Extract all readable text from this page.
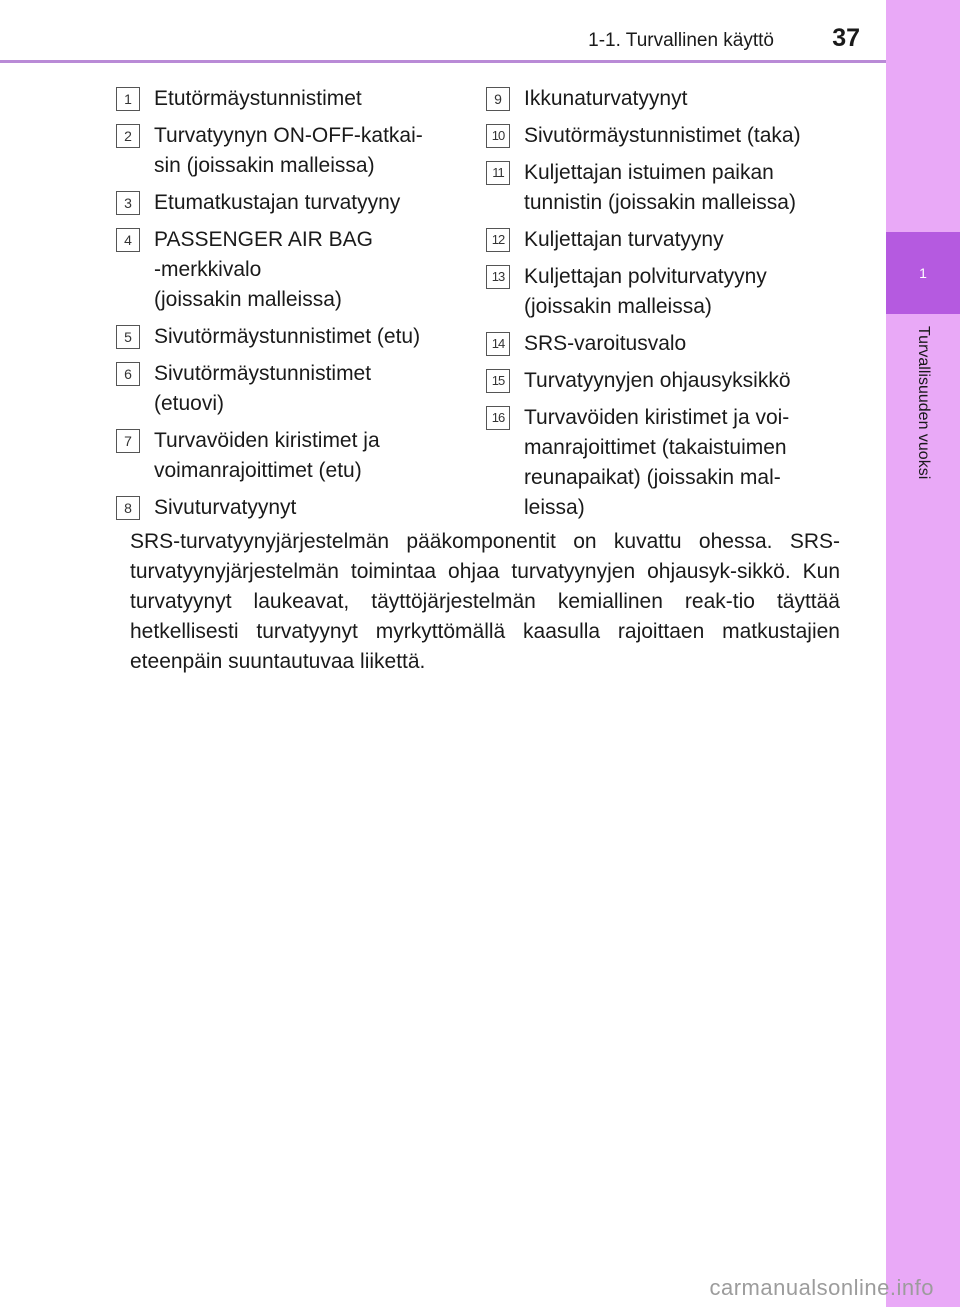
1-1. Turvallinen käyttö 37
1
Turvallisuuden vuoksi
1	Etutörmäystunnistimet
2	Turvatyynyn ON-OFF-katkai-
sin (joissakin malleissa)
3	Etumatkustajan turvatyyny
4	PASSENGER AIR BAG
-merkkivalo
(joissakin malleissa)
5	Sivutörmäystunnistimet (etu)
6	Sivutörmäystunnistimet
(etuovi)
7	Turvavöiden kiristimet ja
voimanrajoittimet (etu)
8	Sivuturvatyynyt
9	Ikkunaturvatyynyt
10 Sivutörmäystunnistimet (taka)
11 Kuljettajan istuimen paikan
tunnistin (joissakin malleissa)
12 Kuljettajan turvatyyny
13 Kuljettajan polviturvatyyny
(joissakin malleissa)
14 SRS-varoitusvalo
15 Turvatyynyjen ohjausyksikkö
16 Turvavöiden kiristimet ja voi-
manrajoittimet (takaistuimen
reunapaikat) (joissakin mal-
leissa)
SRS-turvatyynyjärjestelmän pääkomponentit on kuvattu ohessa. SRS-turvatyynyjärjestelmän toimintaa ohjaa turvatyynyjen ohjausyk-sikkö. Kun turvatyynyt laukeavat, täyttöjärjestelmän kemiallinen reak-tio täyttää hetkellisesti turvatyynyt myrkyttömällä kaasulla rajoittaen matkustajien eteenpäin suuntautuvaa liikettä.
carmanualsonline.info
